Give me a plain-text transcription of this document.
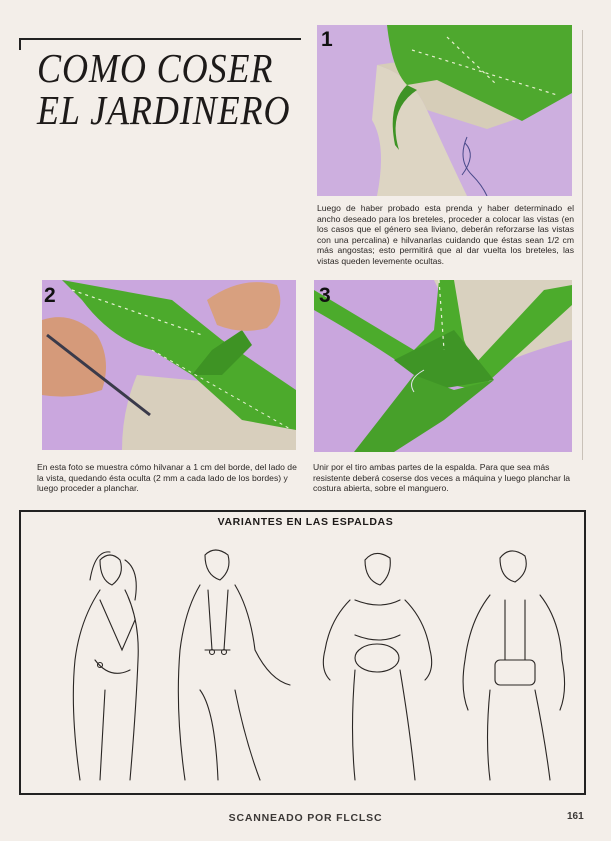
COMO COSER
EL JARDINERO
1
Luego de haber probado esta prenda y haber determinado el ancho deseado para los breteles, proceder a colocar las vistas (en los casos que el género sea liviano, deberán reforzarse las vistas con una percalina) e hilvanarlas cuidando que éstas sean 1/2 cm más angostas; esto permitirá que al dar vuelta los breteles, las vistas queden levemente ocultas.
2
En esta foto se muestra cómo hilvanar a 1 cm del borde, del lado de la vista, quedando ésta oculta (2 mm a cada lado de los bordes) y luego proceder a planchar.
3
Unir por el tiro ambas partes de la espalda. Para que sea más resistente deberá coserse dos veces a máquina y luego planchar la costura abierta, sobre el manguero.
VARIANTES EN LAS ESPALDAS
SCANNEADO POR FLCLSC	161
